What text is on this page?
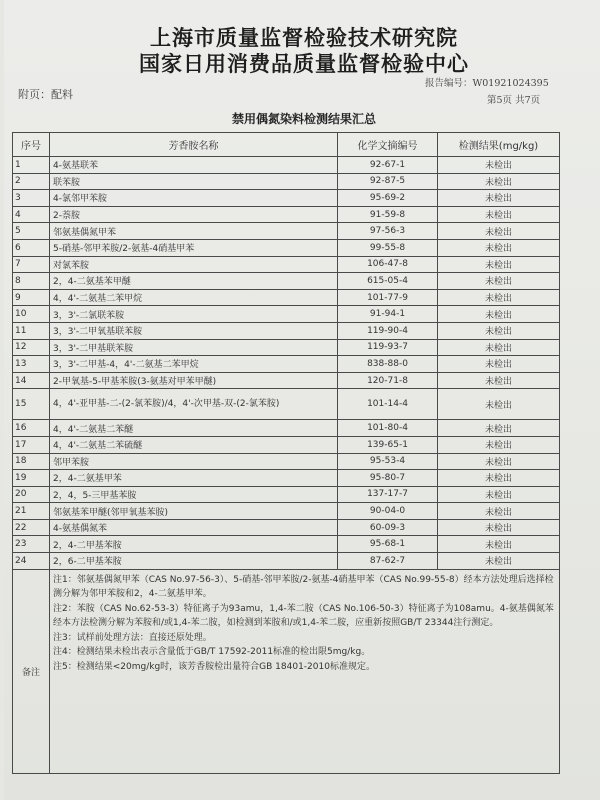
上海市质量监督检验技术研究院
国家日用消费品质量监督检验中心
附页：配料
报告编号：W01921024395
第5页 共7页
禁用偶氮染料检测结果汇总
序号	芳香胺名称	化学文摘编号	检测结果(mg/kg)
1	4-氨基联苯	92-67-1	未检出
2	联苯胺	92-87-5	未检出
3	4-氯邻甲苯胺	95-69-2	未检出
4	2-萘胺	91-59-8	未检出
5	邻氨基偶氮甲苯	97-56-3	未检出
6	5-硝基-邻甲苯胺/2-氨基-4硝基甲苯	99-55-8	未检出
7	对氯苯胺	106-47-8	未检出
8	2，4-二氨基苯甲醚	615-05-4	未检出
9	4，4'-二氨基二苯甲烷	101-77-9	未检出
10	3，3'-二氯联苯胺	91-94-1	未检出
11	3，3'-二甲氧基联苯胺	119-90-4	未检出
12	3，3'-二甲基联苯胺	119-93-7	未检出
13	3，3'-二甲基-4，4'-二氨基二苯甲烷	838-88-0	未检出
14	2-甲氧基-5-甲基苯胺(3-氨基对甲苯甲醚)	120-71-8	未检出
15	4，4'-亚甲基-二-(2-氯苯胺)/4，4'-次甲基-双-(2-氯苯胺)	101-14-4	未检出
16	4，4'-二氨基二苯醚	101-80-4	未检出
17	4，4'-二氨基二苯硫醚	139-65-1	未检出
18	邻甲苯胺	95-53-4	未检出
19	2，4-二氨基甲苯	95-80-7	未检出
20	2，4，5-三甲基苯胺	137-17-7	未检出
21	邻氨基苯甲醚(邻甲氧基苯胺)	90-04-0	未检出
22	4-氨基偶氮苯	60-09-3	未检出
23	2，4-二甲基苯胺	95-68-1	未检出
24	2，6-二甲基苯胺	87-62-7	未检出
备注	注1：邻氨基偶氮甲苯（CAS No.97-56-3）、5-硝基-邻甲苯胺/2-氨基-4硝基甲苯（CAS No.99-55-8）经本方法处理后选择检测分解为邻甲苯胺和2，4-二氨基甲苯。

注2：苯胺（CAS No.62-53-3）特征离子为93amu，1,4-苯二胺（CAS No.106-50-3）特征离子为108amu。4-氨基偶氮苯经本方法检测分解为苯胺和/或1,4-苯二胺，如检测到苯胺和/或1,4-苯二胺，应重新按照GB/T 23344注行测定。

注3：试样前处理方法：直接还原处理。

注4：检测结果未检出表示含量低于GB/T 17592-2011标准的检出限5mg/kg。

注5：检测结果<20mg/kg时，该芳香胺检出量符合GB 18401-2010标准规定。		
